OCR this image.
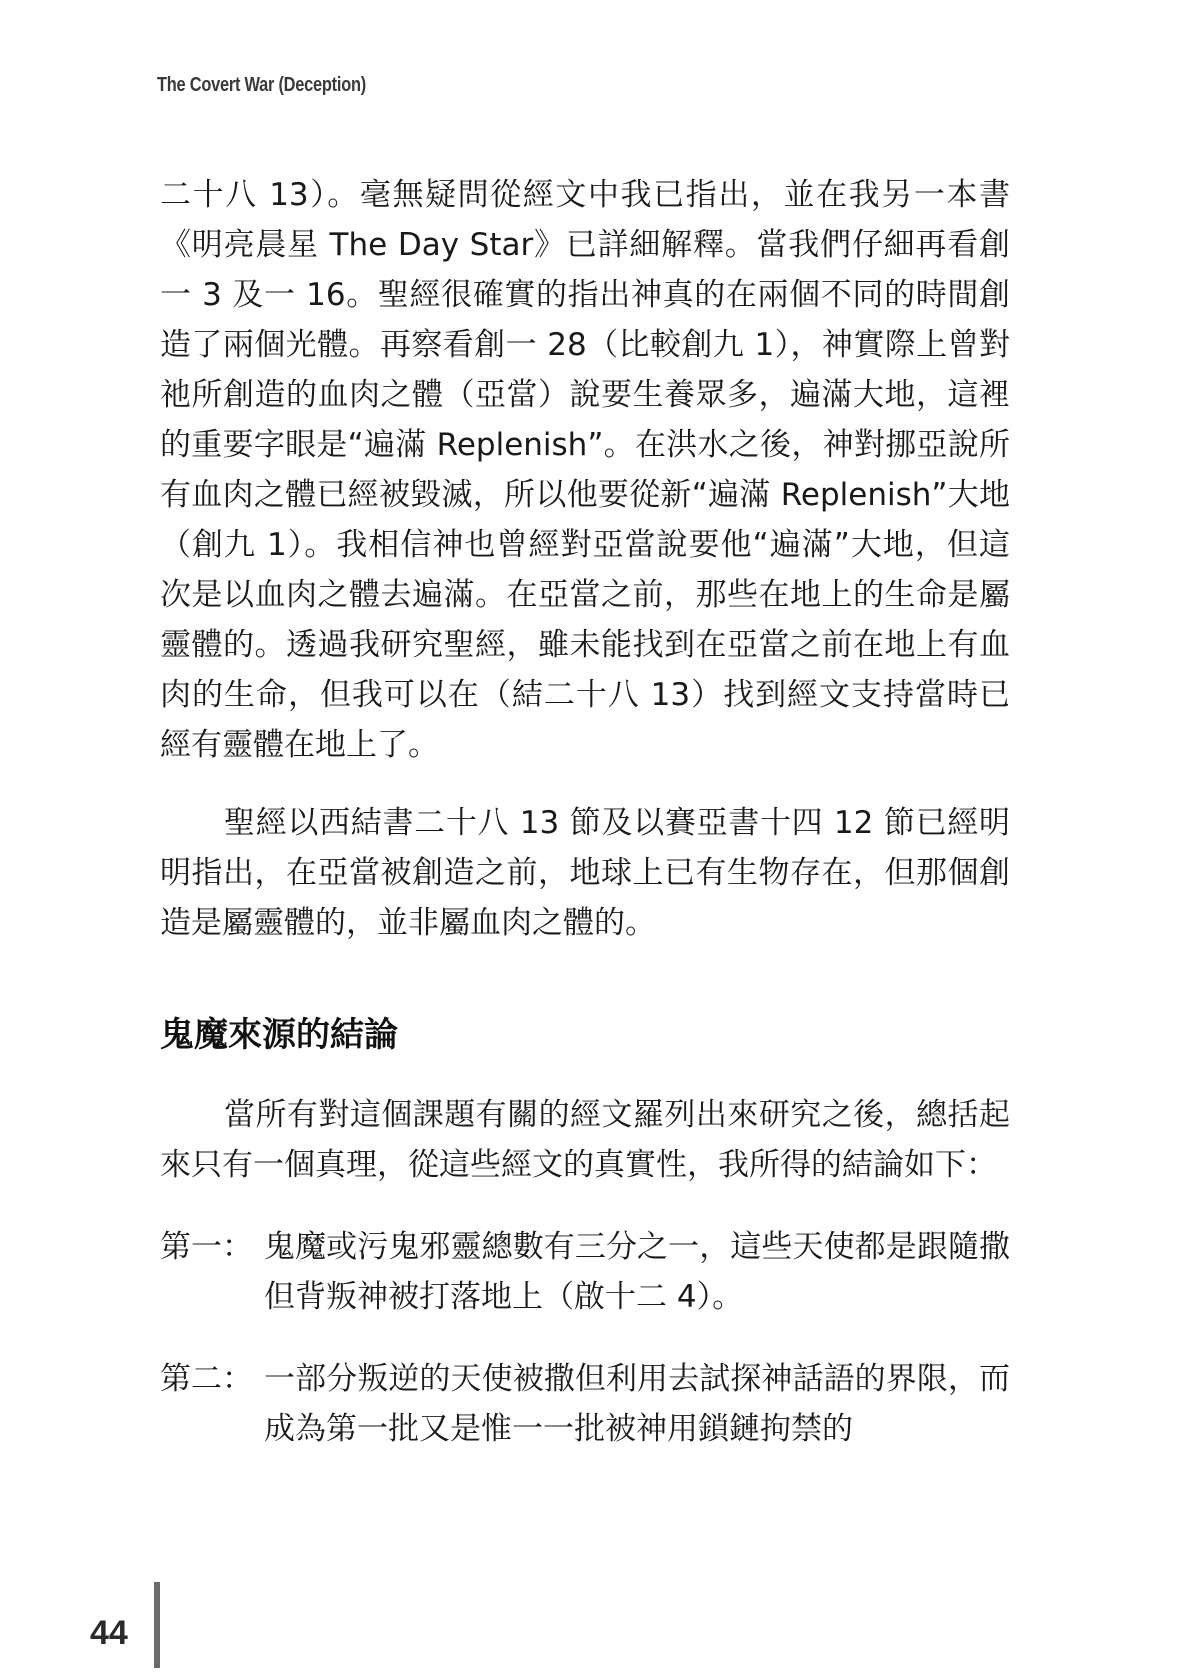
The Covert War (Deception)

二十八 13）。毫無疑問從經文中我已指出，並在我另一本書《明亮晨星 The Day Star》已詳細解釋。當我們仔細再看創一 3 及一 16。聖經很確實的指出神真的在兩個不同的時間創造了兩個光體。再察看創一 28（比較創九 1），神實際上曾對祂所創造的血肉之體（亞當）說要生養眾多，遍滿大地，這裡的重要字眼是“遍滿 Replenish”。在洪水之後，神對挪亞說所有血肉之體已經被毀滅，所以他要從新“遍滿 Replenish”大地（創九 1）。我相信神也曾經對亞當說要他“遍滿”大地，但這次是以血肉之體去遍滿。在亞當之前，那些在地上的生命是屬靈體的。透過我研究聖經，雖未能找到在亞當之前在地上有血肉的生命，但我可以在（結二十八 13）找到經文支持當時已經有靈體在地上了。

聖經以西結書二十八 13 節及以賽亞書十四 12 節已經明明指出，在亞當被創造之前，地球上已有生物存在，但那個創造是屬靈體的，並非屬血肉之體的。

鬼魔來源的結論

當所有對這個課題有關的經文羅列出來研究之後，總括起來只有一個真理，從這些經文的真實性，我所得的結論如下：

第一： 鬼魔或污鬼邪靈總數有三分之一，這些天使都是跟隨撒但背叛神被打落地上（啟十二 4）。

第二： 一部分叛逆的天使被撒但利用去試探神話語的界限，而成為第一批又是惟一一批被神用鎖鏈拘禁的

44
